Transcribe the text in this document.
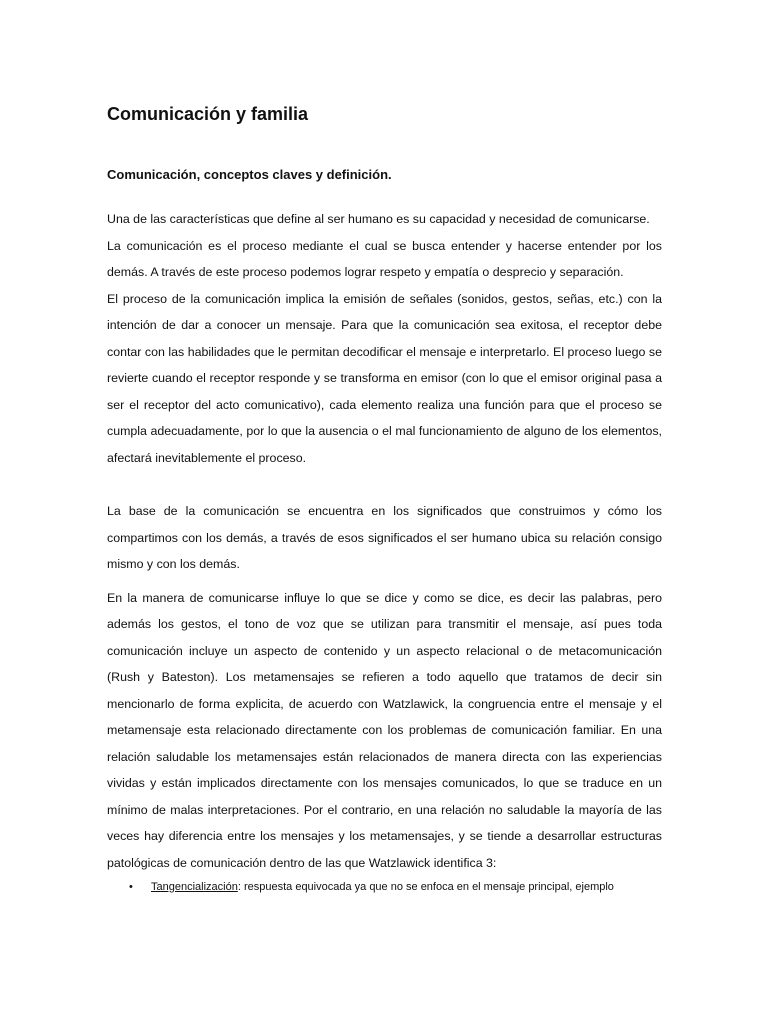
Comunicación y familia
Comunicación, conceptos claves y definición.

Una de las características que define al ser humano es su capacidad y necesidad de comunicarse.

La comunicación es el proceso mediante el cual se busca entender y hacerse entender por los demás. A través de este proceso podemos lograr respeto y empatía o desprecio y separación.

El proceso de la comunicación implica la emisión de señales (sonidos, gestos, señas, etc.) con la intención de dar a conocer un mensaje. Para que la comunicación sea exitosa, el receptor debe contar con las habilidades que le permitan decodificar el mensaje e interpretarlo. El proceso luego se revierte cuando el receptor responde y se transforma en emisor (con lo que el emisor original pasa a ser el receptor del acto comunicativo), cada elemento realiza una función para que el proceso se cumpla adecuadamente, por lo que la ausencia o el mal funcionamiento de alguno de los elementos, afectará inevitablemente el proceso.

La base de la comunicación se encuentra en los significados que construimos y cómo los compartimos con los demás, a través de esos significados el ser humano ubica su relación consigo mismo y con los demás.

En la manera de comunicarse influye lo que se dice y como se dice, es decir las palabras, pero además los gestos, el tono de voz que se utilizan para transmitir el mensaje, así pues toda comunicación incluye un aspecto de contenido y un aspecto relacional o de metacomunicación (Rush y Bateston). Los metamensajes se refieren a todo aquello que tratamos de decir sin mencionarlo de forma explicita, de acuerdo con Watzlawick, la congruencia entre el mensaje y el metamensaje esta relacionado directamente con los problemas de comunicación familiar. En una relación saludable los metamensajes están relacionados de manera directa con las experiencias vividas y están implicados directamente con los mensajes comunicados, lo que se traduce en un mínimo de malas interpretaciones. Por el contrario, en una relación no saludable la mayoría de las veces hay diferencia entre los mensajes y los metamensajes, y se tiende a desarrollar estructuras patológicas de comunicación dentro de las que Watzlawick identifica 3:

• Tangencialización: respuesta equivocada ya que no se enfoca en el mensaje principal, ejemplo
